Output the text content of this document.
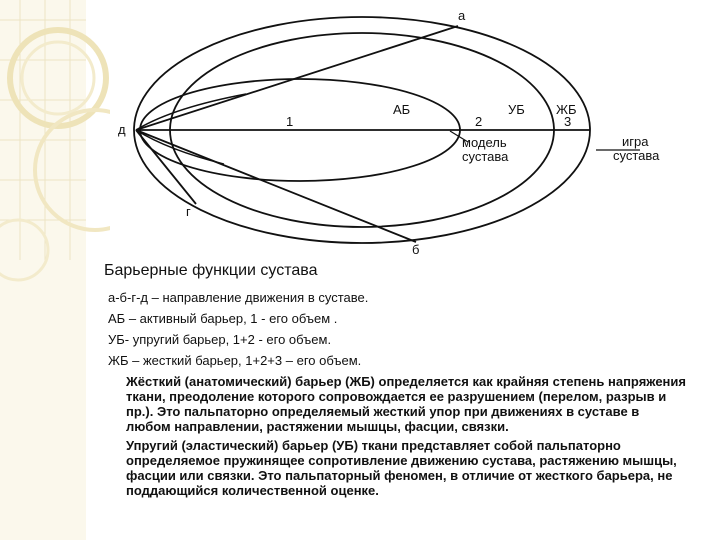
а
б
г
д
АБ	УБ ЖБ
1	2	3
модель
сустава
игра
сустава
Барьерные функции сустава
а-б-г-д – направление движения в суставе.
АБ – активный барьер, 1 - его объем .
УБ- упругий барьер, 1+2 - его объем.
ЖБ – жесткий барьер, 1+2+3 – его объем.
Жёсткий (анатомический) барьер (ЖБ) определяется как крайняя степень напряжения ткани, преодоление которого сопровождается ее разрушением (перелом, разрыв и пр.). Это пальпаторно определяемый жесткий упор при движениях в суставе в любом направлении, растяжении мышцы, фасции, связки.
Упругий (эластический) барьер (УБ) ткани представляет собой пальпаторно определяемое пружинящее сопротивление движению сустава, растяжению мышцы, фасции или связки. Это пальпаторный феномен, в отличие от жесткого барьера, не поддающийся количественной оценке.
